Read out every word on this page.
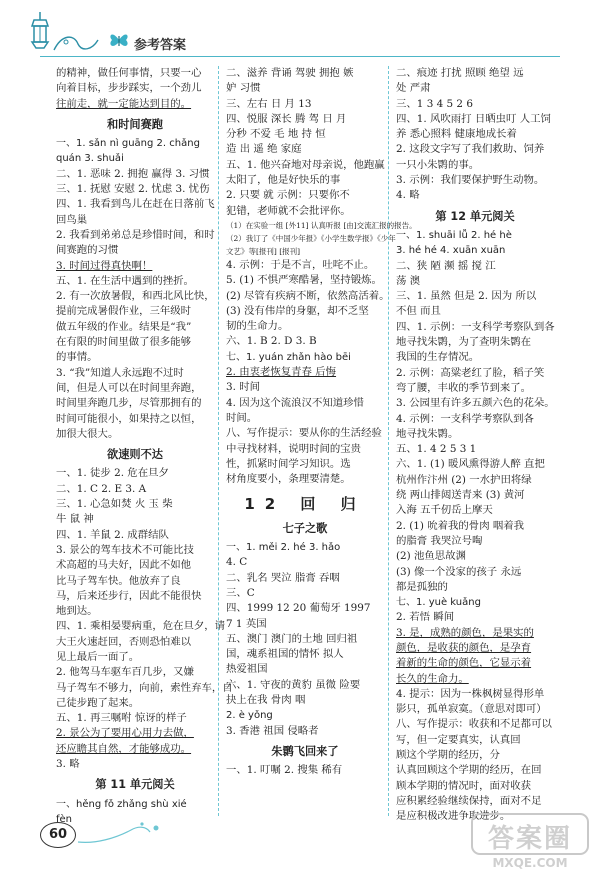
参考答案
的精神，做任何事情，只要一心
向着目标，步步踩实，一个劲儿
往前走，就一定能达到目的。
和时间赛跑
一、1. sǎn nì guāng 2. chǎng
quán 3. shuǎi
二、1. 恶味 2. 拥抱 赢得 3. 习惯
三、1. 抚慰 安慰 2. 忧虑 3. 忧伤
四、1. 我看到鸟儿在赶在日落前飞
回鸟巢
2. 我看到弟弟总是珍惜时间，和时
间赛跑的习惯
3. 时间过得真快啊！
五、1. 在生活中遇到的挫折。
2. 有一次放暑假，和西北风比快，
提前完成暑假作业，三年级时
做五年级的作业。结果是“我”
在有限的时间里做了很多能够
的事情。
3. “我”知道人永远跑不过时
间，但是人可以在时间里奔跑，
时间里奔跑几步，尽管那拥有的
时间可能很小，如果持之以恒，
加很大很大。
欲速则不达
一、1. 徒步 2. 危在旦夕
二、1. C 2. E 3. A
三、1. 心急如焚 火 玉 柴
牛 鼠 神
四、1. 羊鼠 2. 成群结队
3. 景公的驾车技术不可能比技
术高超的马夫好，因此不如他
比马子驾车快。他放弃了良
马，后来还步行，因此不能很快
地到达。
四、1. 乘相晏婴病重，危在旦夕，请
大王火速赶回，否则恐怕难以
见上最后一面了。
2. 他驾马车驱车百几步，又嫌
马子驾车不够力，向前，索性弃车，自
己徒步跑了起来。
五、1. 再三嘱咐 惊讶的样子
2. 景公为了要用心用力去做，
还应瞻其自然，才能够成功。
3. 略
第 11 单元阅关
一、hěng fǒ zhǎng shù xié
fèn
二、滋养 背诵 驾驶 拥抱 嫉
妒 习惯
三、左右 日 月 13
四、悦服 深长 腾 驾 日 月
分秒 不爱 毛 地 持 恒
造 出 遥 绝 家庭
五、1. 他兴奋地对母亲说，他跑赢
太阳了，他是好快乐的事
2. 只要 就 示例：只要你不
犯错，老师就不会批评你。
（1）在实验一组 [外11] 认真听报 [由]交流汇报的报告。
（2）我订了《中国少年报》《小学生数学报》《少年
文艺》等[报刊] [报刊]
4. 示例：于是不言，吐咤不止。
5. (1) 不惧严寒酷暑，坚持锻炼。
(2) 尽管有疾病不断，依然高活着。
(3) 没有伟岸的身躯，却不乏坚
韧的生命力。
六、1. B 2. D 3. B
七、1. yuán zhǎn hào bēi
2. 由衷老恢复青春 后悔
3. 时间
4. 因为这个流浪汉不知道珍惜
时间。
八、写作提示：要从你的生活经验
中寻找材料，说明时间的宝贵
性，抓紧时间学习知识。选
材角度要小，条理要清楚。
12 回 归
七子之歌
一、1. měi 2. hé 3. hǎo
4. C
二、乳名 哭泣 脂膏 吞咽
三、C
四、1999 12 20 葡萄牙 1997
7 1 英国
五、澳门 澳门的土地 回归祖
国，魂系祖国的情怀 拟人
热爱祖国
六、1. 守夜的黄豹 虽微 险要
抉上在我 骨肉 咽
2. è yǒng
3. 香港 祖国 侵略者
朱鹮飞回来了
一、1. 叮嘱 2. 搜集 稀有
二、痕迹 打扰 照顾 绝望 远
处 严肃
三、1 3 4 5 2 6
四、1. 风吹雨打 日晒虫叮 人工饲
养 悉心照料 健康地成长着
2. 这段文字写了我们救助、饲养
一只小朱鹮的事。
3. 示例：我们要保护野生动物。
4. 略
第 12 单元阅关
一、1. shuāi lǚ 2. hé hè
3. hé hé 4. xuān xuān
二、狭 陋 濒 摇 搅 江
荡 澳
三、1. 虽然 但是 2. 因为 所以
不但 而且
四、1. 示例：一支科学考察队到各
地寻找朱鹮，为了查明朱鹮在
我国的生存情况。
2. 示例：高粱老红了脸，稻子笑
弯了腰，丰收的季节到来了。
3. 公园里有许多五颜六色的花朵。
4. 示例：一支科学考察队到各
地寻找朱鹮。
五、1. 4 2 5 3 1
六、1. (1) 暖风熏得游人醉 直把
杭州作汴州 (2) 一水护田将绿
绕 两山排闼送青来 (3) 黄河
入海 五千仞岳上摩天
2. (1) 吮着我的骨肉 咽着我
的脂膏 我哭泣号啕
(2) 池鱼思故渊
(3) 像一个没家的孩子 永远
都是孤独的
七、1. yuè kuǎng
2. 若悟 瞬间
3. 是，成熟的颜色，是果实的
颜色，是收获的颜色，是孕育
着新的生命的颜色，它显示着
长久的生命力。
4. 提示：因为一株枫树显得形单
影只，孤单寂寞。（意思对即可）
八、写作提示：收获和不足都可以
写，但一定要真实，认真回
顾这个学期的经历，分
认真回顾这个学期的经历，在回
顾本学期的情况时，面对收获
应积累经验继续保持，面对不足
是应积极改进争取进步。
60	答案圈
MXQE.COM
